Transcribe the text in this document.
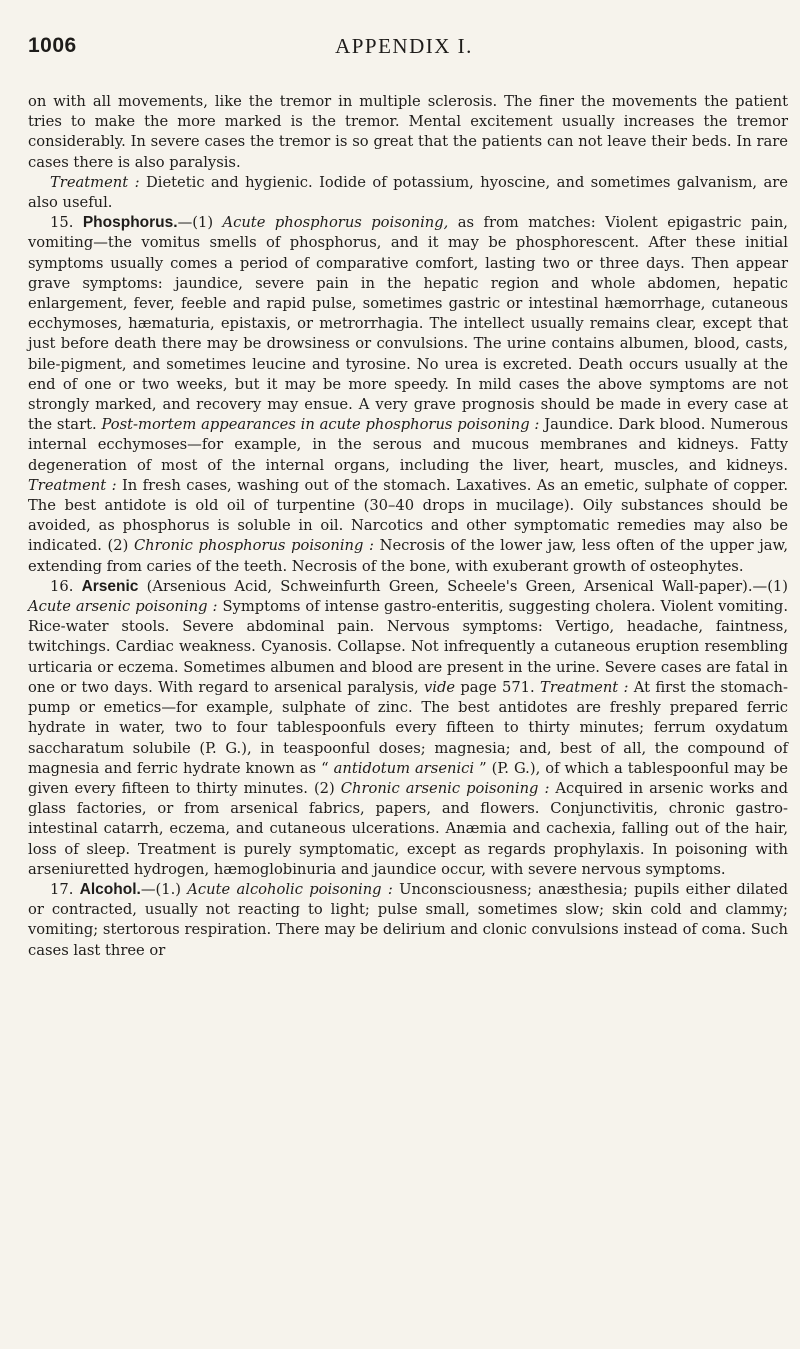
1006	APPENDIX I.

on with all movements, like the tremor in multiple sclerosis. The finer the movements the patient tries to make the more marked is the tremor. Mental excitement usually increases the tremor considerably. In severe cases the tremor is so great that the patients can not leave their beds. In rare cases there is also paralysis.

Treatment : Dietetic and hygienic. Iodide of potassium, hyoscine, and sometimes galvanism, are also useful.

15. Phosphorus.—(1) Acute phosphorus poisoning, as from matches: Violent epigastric pain, vomiting—the vomitus smells of phosphorus, and it may be phosphorescent. After these initial symptoms usually comes a period of comparative comfort, lasting two or three days. Then appear grave symptoms: jaundice, severe pain in the hepatic region and whole abdomen, hepatic enlargement, fever, feeble and rapid pulse, sometimes gastric or intestinal hæmorrhage, cutaneous ecchymoses, hæmaturia, epistaxis, or metrorrhagia. The intellect usually remains clear, except that just before death there may be drowsiness or convulsions. The urine contains albumen, blood, casts, bile-pigment, and sometimes leucine and tyrosine. No urea is excreted. Death occurs usually at the end of one or two weeks, but it may be more speedy. In mild cases the above symptoms are not strongly marked, and recovery may ensue. A very grave prognosis should be made in every case at the start. Post-mortem appearances in acute phosphorus poisoning : Jaundice. Dark blood. Numerous internal ecchymoses—for example, in the serous and mucous membranes and kidneys. Fatty degeneration of most of the internal organs, including the liver, heart, muscles, and kidneys. Treatment : In fresh cases, washing out of the stomach. Laxatives. As an emetic, sulphate of copper. The best antidote is old oil of turpentine (30–40 drops in mucilage). Oily substances should be avoided, as phosphorus is soluble in oil. Narcotics and other symptomatic remedies may also be indicated. (2) Chronic phosphorus poisoning : Necrosis of the lower jaw, less often of the upper jaw, extending from caries of the teeth. Necrosis of the bone, with exuberant growth of osteophytes.

16. Arsenic (Arsenious Acid, Schweinfurth Green, Scheele's Green, Arsenical Wall-paper).—(1) Acute arsenic poisoning : Symptoms of intense gastro-enteritis, suggesting cholera. Violent vomiting. Rice-water stools. Severe abdominal pain. Nervous symptoms: Vertigo, headache, faintness, twitchings. Cardiac weakness. Cyanosis. Collapse. Not infrequently a cutaneous eruption resembling urticaria or eczema. Sometimes albumen and blood are present in the urine. Severe cases are fatal in one or two days. With regard to arsenical paralysis, vide page 571. Treatment : At first the stomach-pump or emetics—for example, sulphate of zinc. The best antidotes are freshly prepared ferric hydrate in water, two to four tablespoonfuls every fifteen to thirty minutes; ferrum oxydatum saccharatum solubile (P. G.), in teaspoonful doses; magnesia; and, best of all, the compound of magnesia and ferric hydrate known as “ antidotum arsenici ” (P. G.), of which a tablespoonful may be given every fifteen to thirty minutes. (2) Chronic arsenic poisoning : Acquired in arsenic works and glass factories, or from arsenical fabrics, papers, and flowers. Conjunctivitis, chronic gastro-intestinal catarrh, eczema, and cutaneous ulcerations. Anæmia and cachexia, falling out of the hair, loss of sleep. Treatment is purely symptomatic, except as regards prophylaxis. In poisoning with arseniuretted hydrogen, hæmoglobinuria and jaundice occur, with severe nervous symptoms.

17. Alcohol.—(1.) Acute alcoholic poisoning : Unconsciousness; anæsthesia; pupils either dilated or contracted, usually not reacting to light; pulse small, sometimes slow; skin cold and clammy; vomiting; stertorous respiration. There may be delirium and clonic convulsions instead of coma. Such cases last three or
